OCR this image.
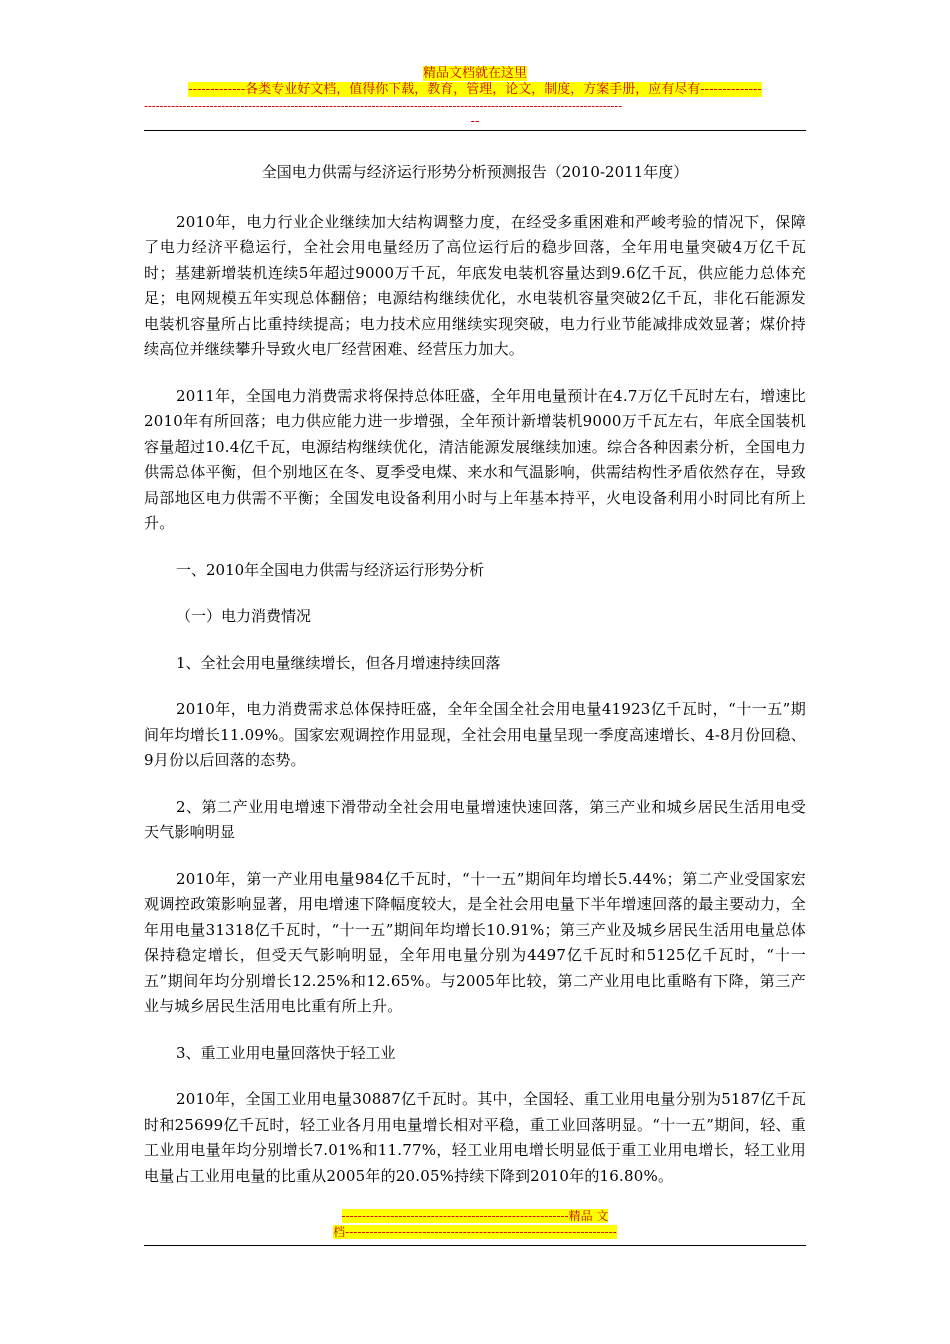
精品文档就在这里
-------------各类专业好文档，值得你下载，教育，管理，论文，制度，方案手册，应有尽有--------------
----------------------------------------------------------------------------------------------------------------------------
--
全国电力供需与经济运行形势分析预测报告（2010-2011年度）

2010年，电力行业企业继续加大结构调整力度，在经受多重困难和严峻考验的情况下，保障了电力经济平稳运行，全社会用电量经历了高位运行后的稳步回落，全年用电量突破4万亿千瓦时；基建新增装机连续5年超过9000万千瓦，年底发电装机容量达到9.6亿千瓦，供应能力总体充足；电网规模五年实现总体翻倍；电源结构继续优化，水电装机容量突破2亿千瓦，非化石能源发电装机容量所占比重持续提高；电力技术应用继续实现突破，电力行业节能减排成效显著；煤价持续高位并继续攀升导致火电厂经营困难、经营压力加大。

2011年，全国电力消费需求将保持总体旺盛，全年用电量预计在4.7万亿千瓦时左右，增速比2010年有所回落；电力供应能力进一步增强，全年预计新增装机9000万千瓦左右，年底全国装机容量超过10.4亿千瓦，电源结构继续优化，清洁能源发展继续加速。综合各种因素分析，全国电力供需总体平衡，但个别地区在冬、夏季受电煤、来水和气温影响，供需结构性矛盾依然存在，导致局部地区电力供需不平衡；全国发电设备利用小时与上年基本持平，火电设备利用小时同比有所上升。

一、2010年全国电力供需与经济运行形势分析

（一）电力消费情况

1、全社会用电量继续增长，但各月增速持续回落

2010年，电力消费需求总体保持旺盛，全年全国全社会用电量41923亿千瓦时，“十一五”期间年均增长11.09%。国家宏观调控作用显现，全社会用电量呈现一季度高速增长、4-8月份回稳、9月份以后回落的态势。

2、第二产业用电增速下滑带动全社会用电量增速快速回落，第三产业和城乡居民生活用电受天气影响明显

2010年，第一产业用电量984亿千瓦时，“十一五”期间年均增长5.44%；第二产业受国家宏观调控政策影响显著，用电增速下降幅度较大，是全社会用电量下半年增速回落的最主要动力，全年用电量31318亿千瓦时，“十一五”期间年均增长10.91%；第三产业及城乡居民生活用电量总体保持稳定增长，但受天气影响明显，全年用电量分别为4497亿千瓦时和5125亿千瓦时，“十一五”期间年均分别增长12.25%和12.65%。与2005年比较，第二产业用电比重略有下降，第三产业与城乡居民生活用电比重有所上升。

3、重工业用电量回落快于轻工业

2010年，全国工业用电量30887亿千瓦时。其中，全国轻、重工业用电量分别为5187亿千瓦时和25699亿千瓦时，轻工业各月用电量增长相对平稳，重工业回落明显。“十一五”期间，轻、重工业用电量年均分别增长7.01%和11.77%，轻工业用电增长明显低于重工业用电增长，轻工业用电量占工业用电量的比重从2005年的20.05%持续下降到2010年的16.80%。

--------------------------------------------------------精品 文
档-------------------------------------------------------------------
